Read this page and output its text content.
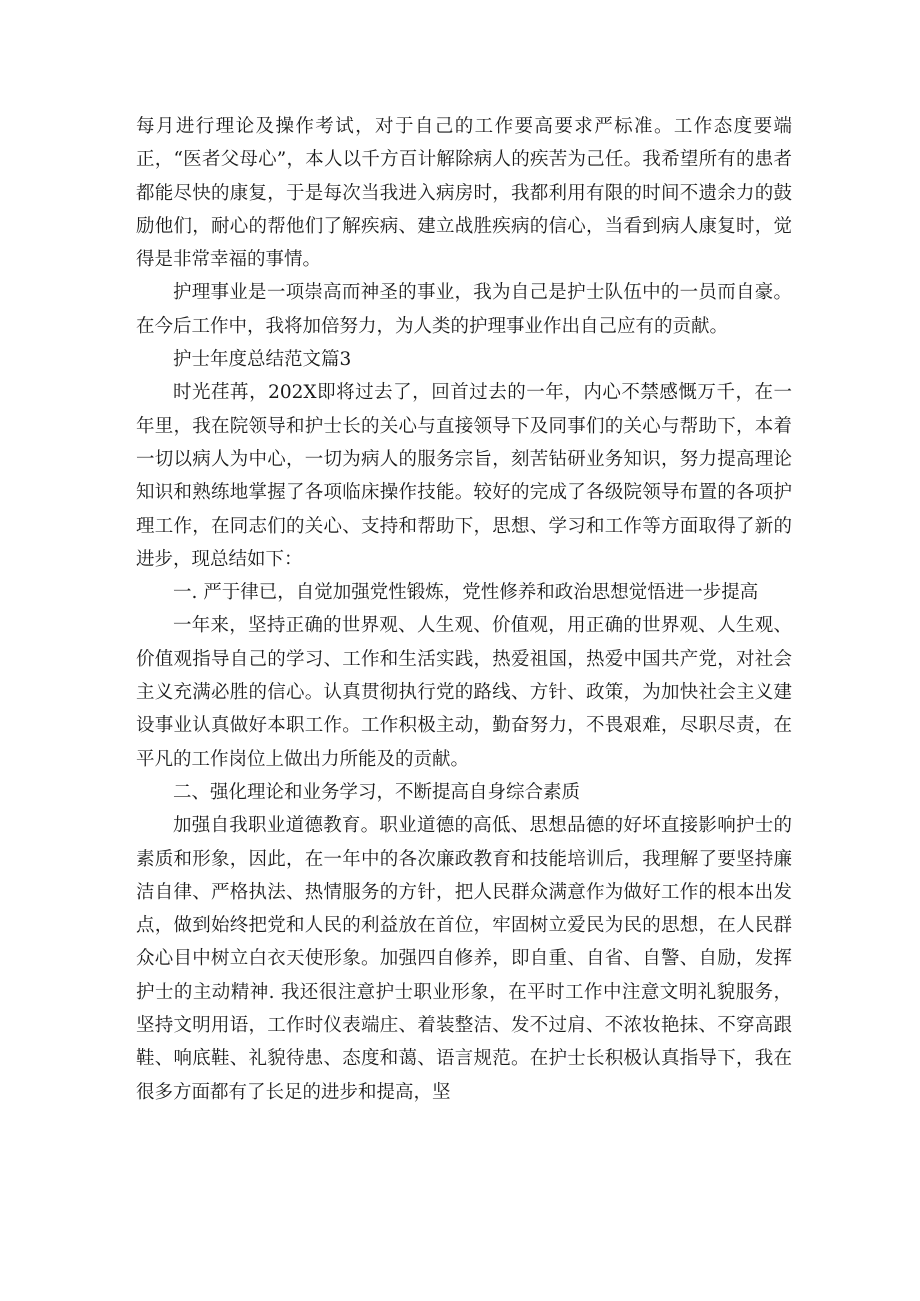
每月进行理论及操作考试，对于自己的工作要高要求严标准。工作态度要端正，“医者父母心”，本人以千方百计解除病人的疾苦为己任。我希望所有的患者都能尽快的康复，于是每次当我进入病房时，我都利用有限的时间不遗余力的鼓励他们，耐心的帮他们了解疾病、建立战胜疾病的信心，当看到病人康复时，觉得是非常幸福的事情。

护理事业是一项崇高而神圣的事业，我为自己是护士队伍中的一员而自豪。在今后工作中，我将加倍努力，为人类的护理事业作出自己应有的贡献。

护士年度总结范文篇3

时光荏苒，202X即将过去了，回首过去的一年，内心不禁感慨万千，在一年里，我在院领导和护士长的关心与直接领导下及同事们的关心与帮助下，本着一切以病人为中心，一切为病人的服务宗旨，刻苦钻研业务知识，努力提高理论知识和熟练地掌握了各项临床操作技能。较好的完成了各级院领导布置的各项护理工作，在同志们的关心、支持和帮助下，思想、学习和工作等方面取得了新的进步，现总结如下：

一. 严于律已，自觉加强党性锻炼，党性修养和政治思想觉悟进一步提高

一年来，坚持正确的世界观、人生观、价值观，用正确的世界观、人生观、价值观指导自己的学习、工作和生活实践，热爱祖国，热爱中国共产党，对社会主义充满必胜的信心。认真贯彻执行党的路线、方针、政策，为加快社会主义建设事业认真做好本职工作。工作积极主动，勤奋努力，不畏艰难，尽职尽责，在平凡的工作岗位上做出力所能及的贡献。

二、强化理论和业务学习，不断提高自身综合素质

加强自我职业道德教育。职业道德的高低、思想品德的好坏直接影响护士的素质和形象，因此，在一年中的各次廉政教育和技能培训后，我理解了要坚持廉洁自律、严格执法、热情服务的方针，把人民群众满意作为做好工作的根本出发点，做到始终把党和人民的利益放在首位，牢固树立爱民为民的思想，在人民群众心目中树立白衣天使形象。加强四自修养，即自重、自省、自警、自励，发挥护士的主动精神. 我还很注意护士职业形象，在平时工作中注意文明礼貌服务，坚持文明用语，工作时仪表端庄、着装整洁、发不过肩、不浓妆艳抹、不穿高跟鞋、响底鞋、礼貌待患、态度和蔼、语言规范。在护士长积极认真指导下，我在很多方面都有了长足的进步和提高，坚
